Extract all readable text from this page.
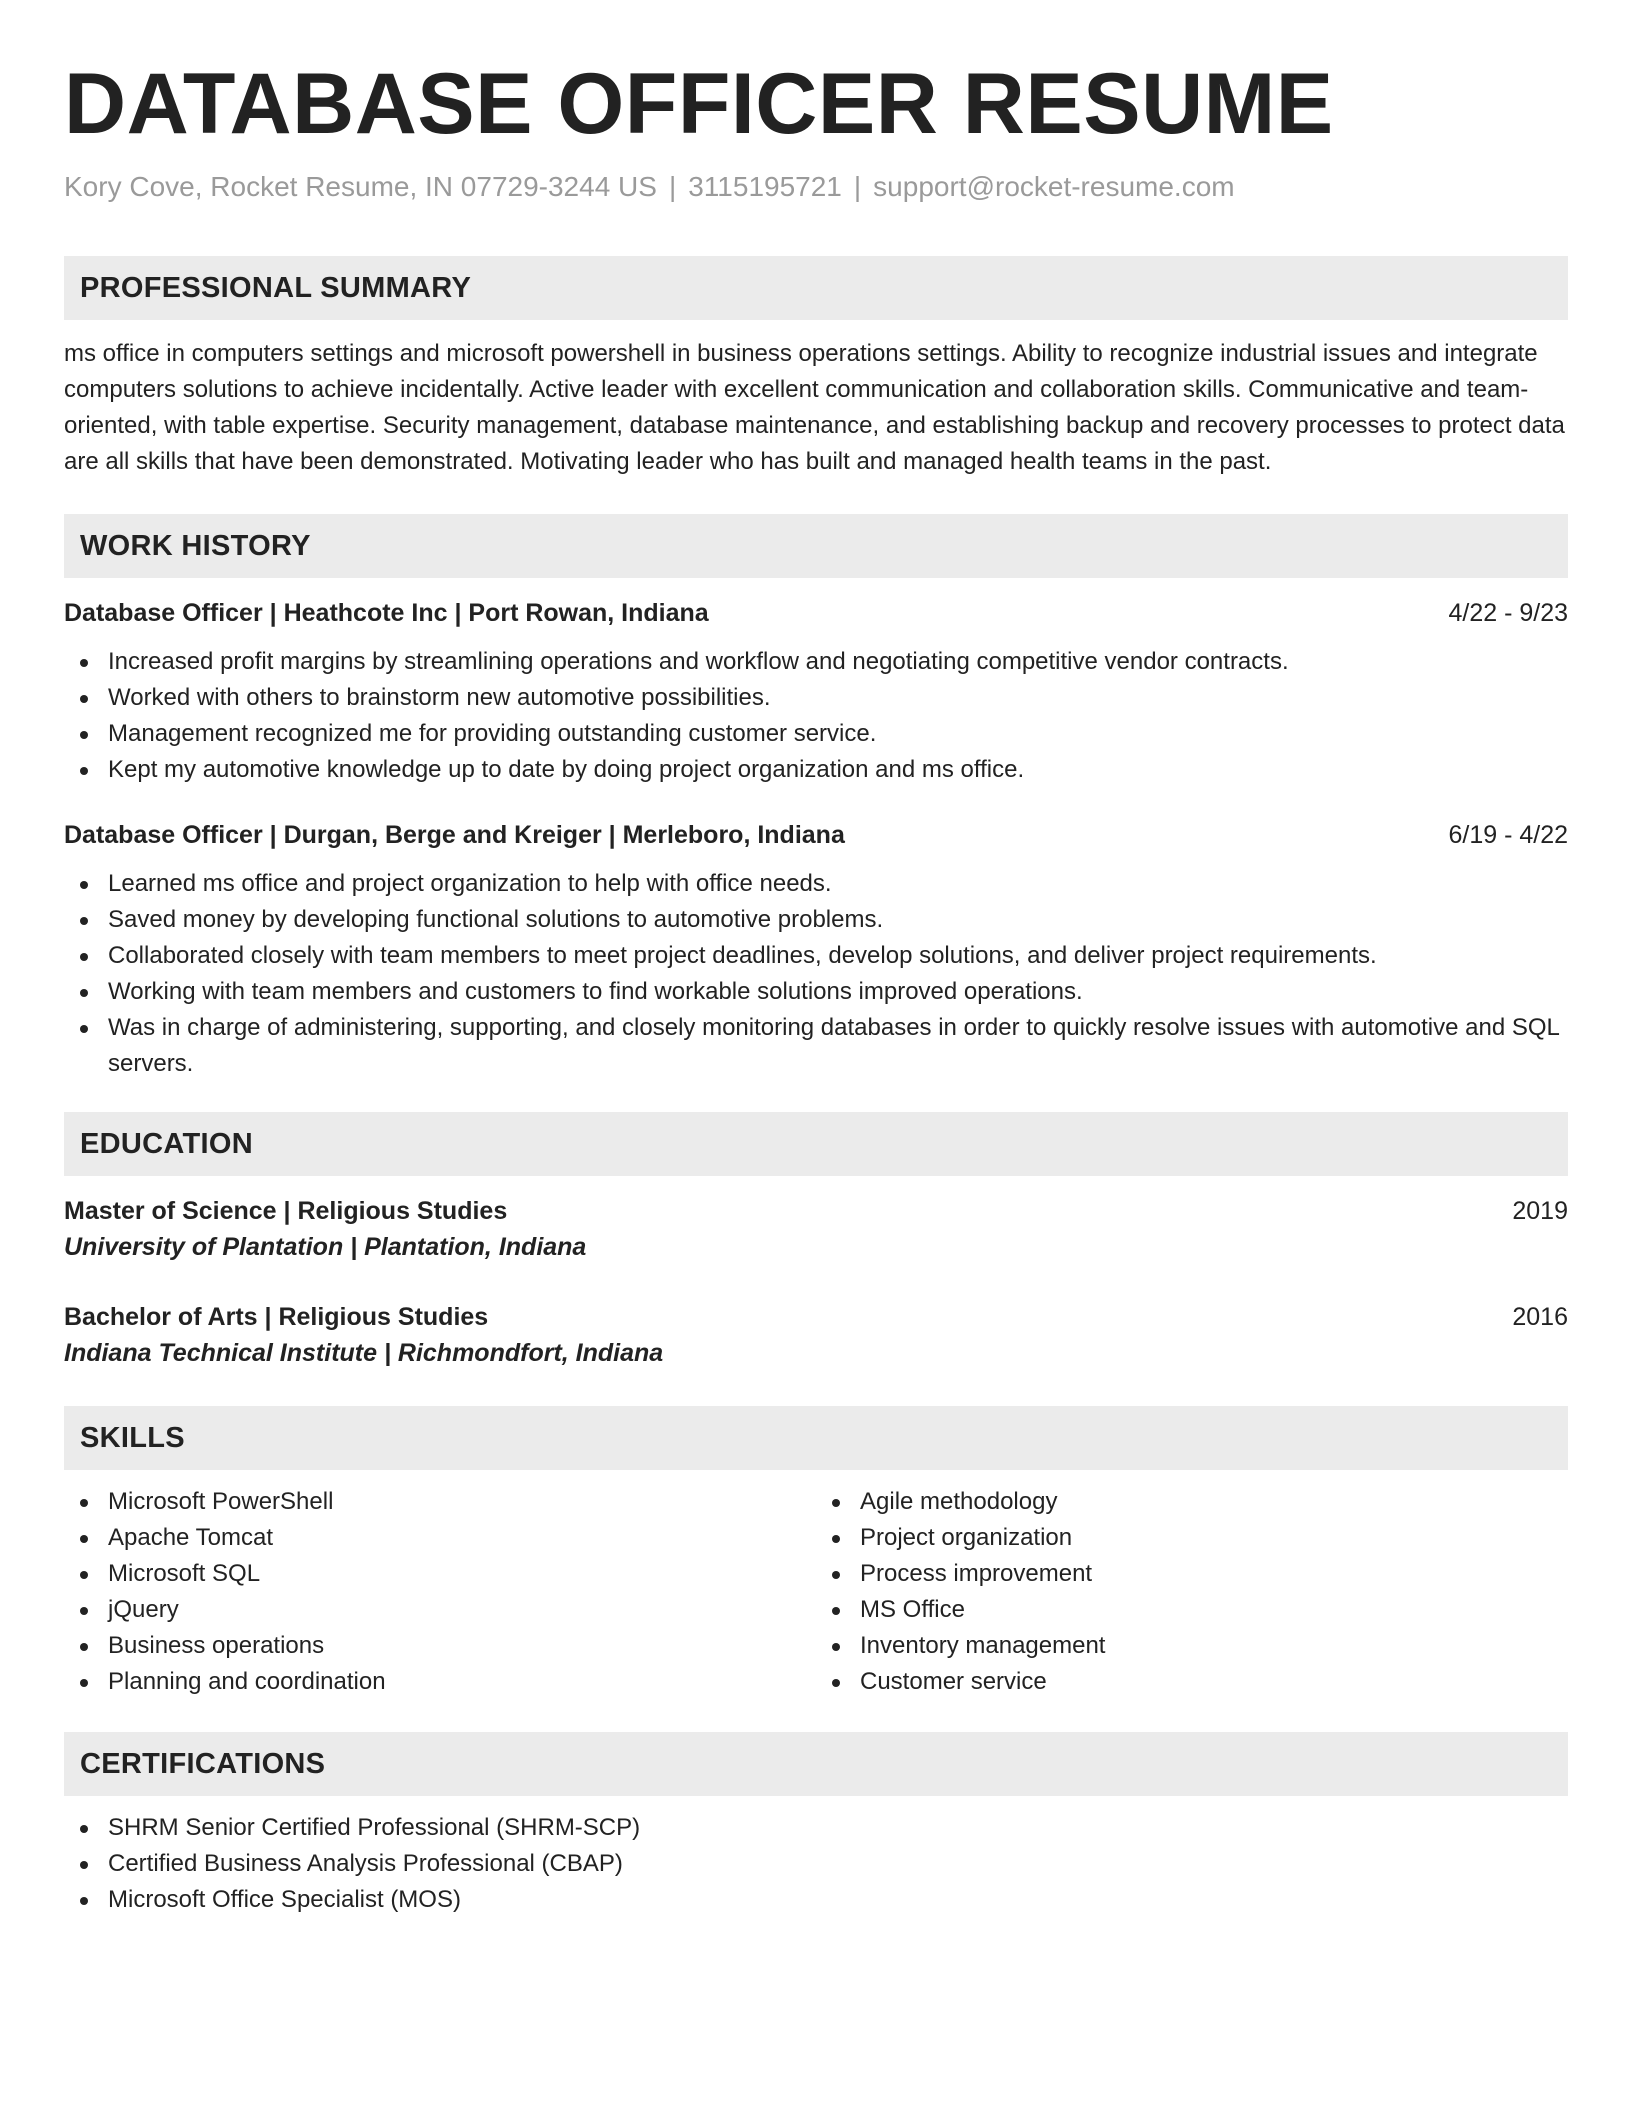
DATABASE OFFICER RESUME
Kory Cove, Rocket Resume, IN 07729-3244 US | 3115195721 | support@rocket-resume.com
PROFESSIONAL SUMMARY

ms office in computers settings and microsoft powershell in business operations settings. Ability to recognize industrial issues and integrate computers solutions to achieve incidentally. Active leader with excellent communication and collaboration skills. Communicative and team-oriented, with table expertise. Security management, database maintenance, and establishing backup and recovery processes to protect data are all skills that have been demonstrated. Motivating leader who has built and managed health teams in the past.

WORK HISTORY
Database Officer | Heathcote Inc | Port Rowan, Indiana	4/22 - 9/23
Increased profit margins by streamlining operations and workflow and negotiating competitive vendor contracts.
Worked with others to brainstorm new automotive possibilities.
Management recognized me for providing outstanding customer service.
Kept my automotive knowledge up to date by doing project organization and ms office.
Database Officer | Durgan, Berge and Kreiger | Merleboro, Indiana	6/19 - 4/22
Learned ms office and project organization to help with office needs.
Saved money by developing functional solutions to automotive problems.
Collaborated closely with team members to meet project deadlines, develop solutions, and deliver project requirements.
Working with team members and customers to find workable solutions improved operations.
Was in charge of administering, supporting, and closely monitoring databases in order to quickly resolve issues with automotive and SQL servers.
EDUCATION
Master of Science | Religious Studies	2019
University of Plantation | Plantation, Indiana
Bachelor of Arts | Religious Studies	2016
Indiana Technical Institute | Richmondfort, Indiana
SKILLS
Microsoft PowerShell
Apache Tomcat
Microsoft SQL
jQuery
Business operations
Planning and coordination
Agile methodology
Project organization
Process improvement
MS Office
Inventory management
Customer service
CERTIFICATIONS
SHRM Senior Certified Professional (SHRM-SCP)
Certified Business Analysis Professional (CBAP)
Microsoft Office Specialist (MOS)
